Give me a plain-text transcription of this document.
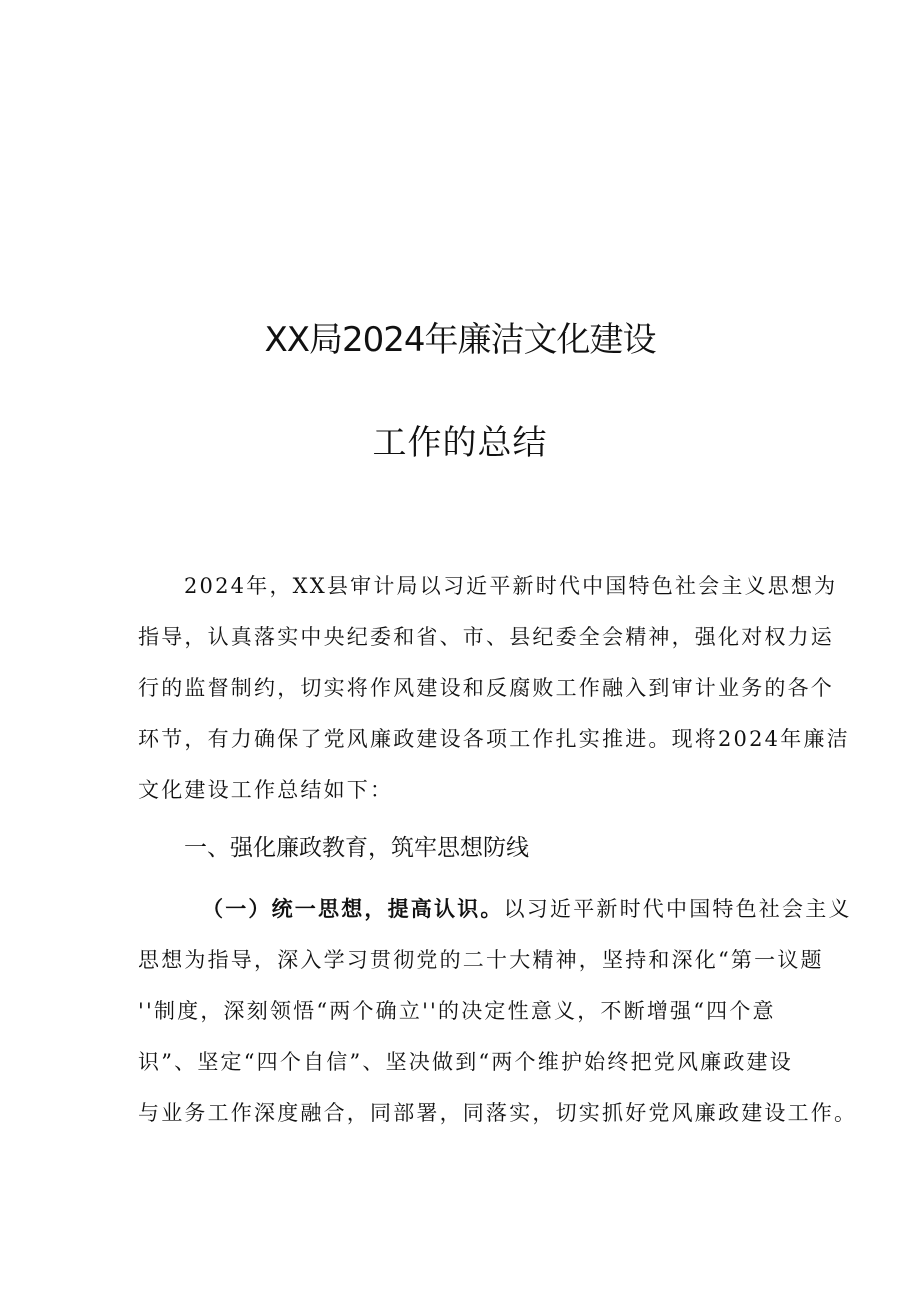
XX局2024年廉洁文化建设
工作的总结
2024年，XX县审计局以习近平新时代中国特色社会主义思想为
指导，认真落实中央纪委和省、市、县纪委全会精神，强化对权力运
行的监督制约，切实将作风建设和反腐败工作融入到审计业务的各个
环节，有力确保了党风廉政建设各项工作扎实推进。现将2024年廉洁
文化建设工作总结如下：
一、强化廉政教育，筑牢思想防线
（一）统一思想，提高认识。以习近平新时代中国特色社会主义
思想为指导，深入学习贯彻党的二十大精神，坚持和深化“第一议题
''制度，深刻领悟“两个确立''的决定性意义，不断增强“四个意
识”、坚定“四个自信”、坚决做到“两个维护始终把党风廉政建设
与业务工作深度融合，同部署，同落实，切实抓好党风廉政建设工作。
